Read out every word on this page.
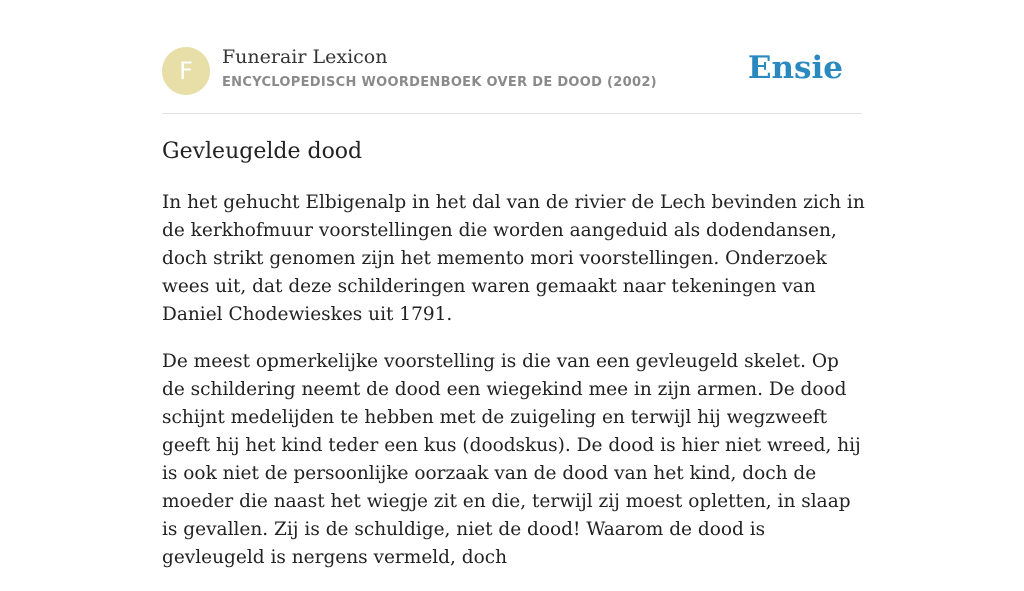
F	Funerair Lexicon
ENCYCLOPEDISCH WOORDENBOEK OVER DE DOOD (2002)	Ensie
Gevleugelde dood

In het gehucht Elbigenalp in het dal van de rivier de Lech bevinden zich in de kerkhofmuur voorstellingen die worden aangeduid als dodendansen, doch strikt genomen zijn het memento mori voorstellingen. Onderzoek wees uit, dat deze schilderingen waren gemaakt naar tekeningen van Daniel Chodewieskes uit 1791.

De meest opmerkelijke voorstelling is die van een gevleugeld skelet. Op de schildering neemt de dood een wiegekind mee in zijn armen. De dood schijnt medelijden te hebben met de zuigeling en terwijl hij wegzweeft geeft hij het kind teder een kus (doodskus). De dood is hier niet wreed, hij is ook niet de persoonlijke oorzaak van de dood van het kind, doch de moeder die naast het wiegje zit en die, terwijl zij moest opletten, in slaap is gevallen. Zij is de schuldige, niet de dood! Waarom de dood is gevleugeld is nergens vermeld, doch
